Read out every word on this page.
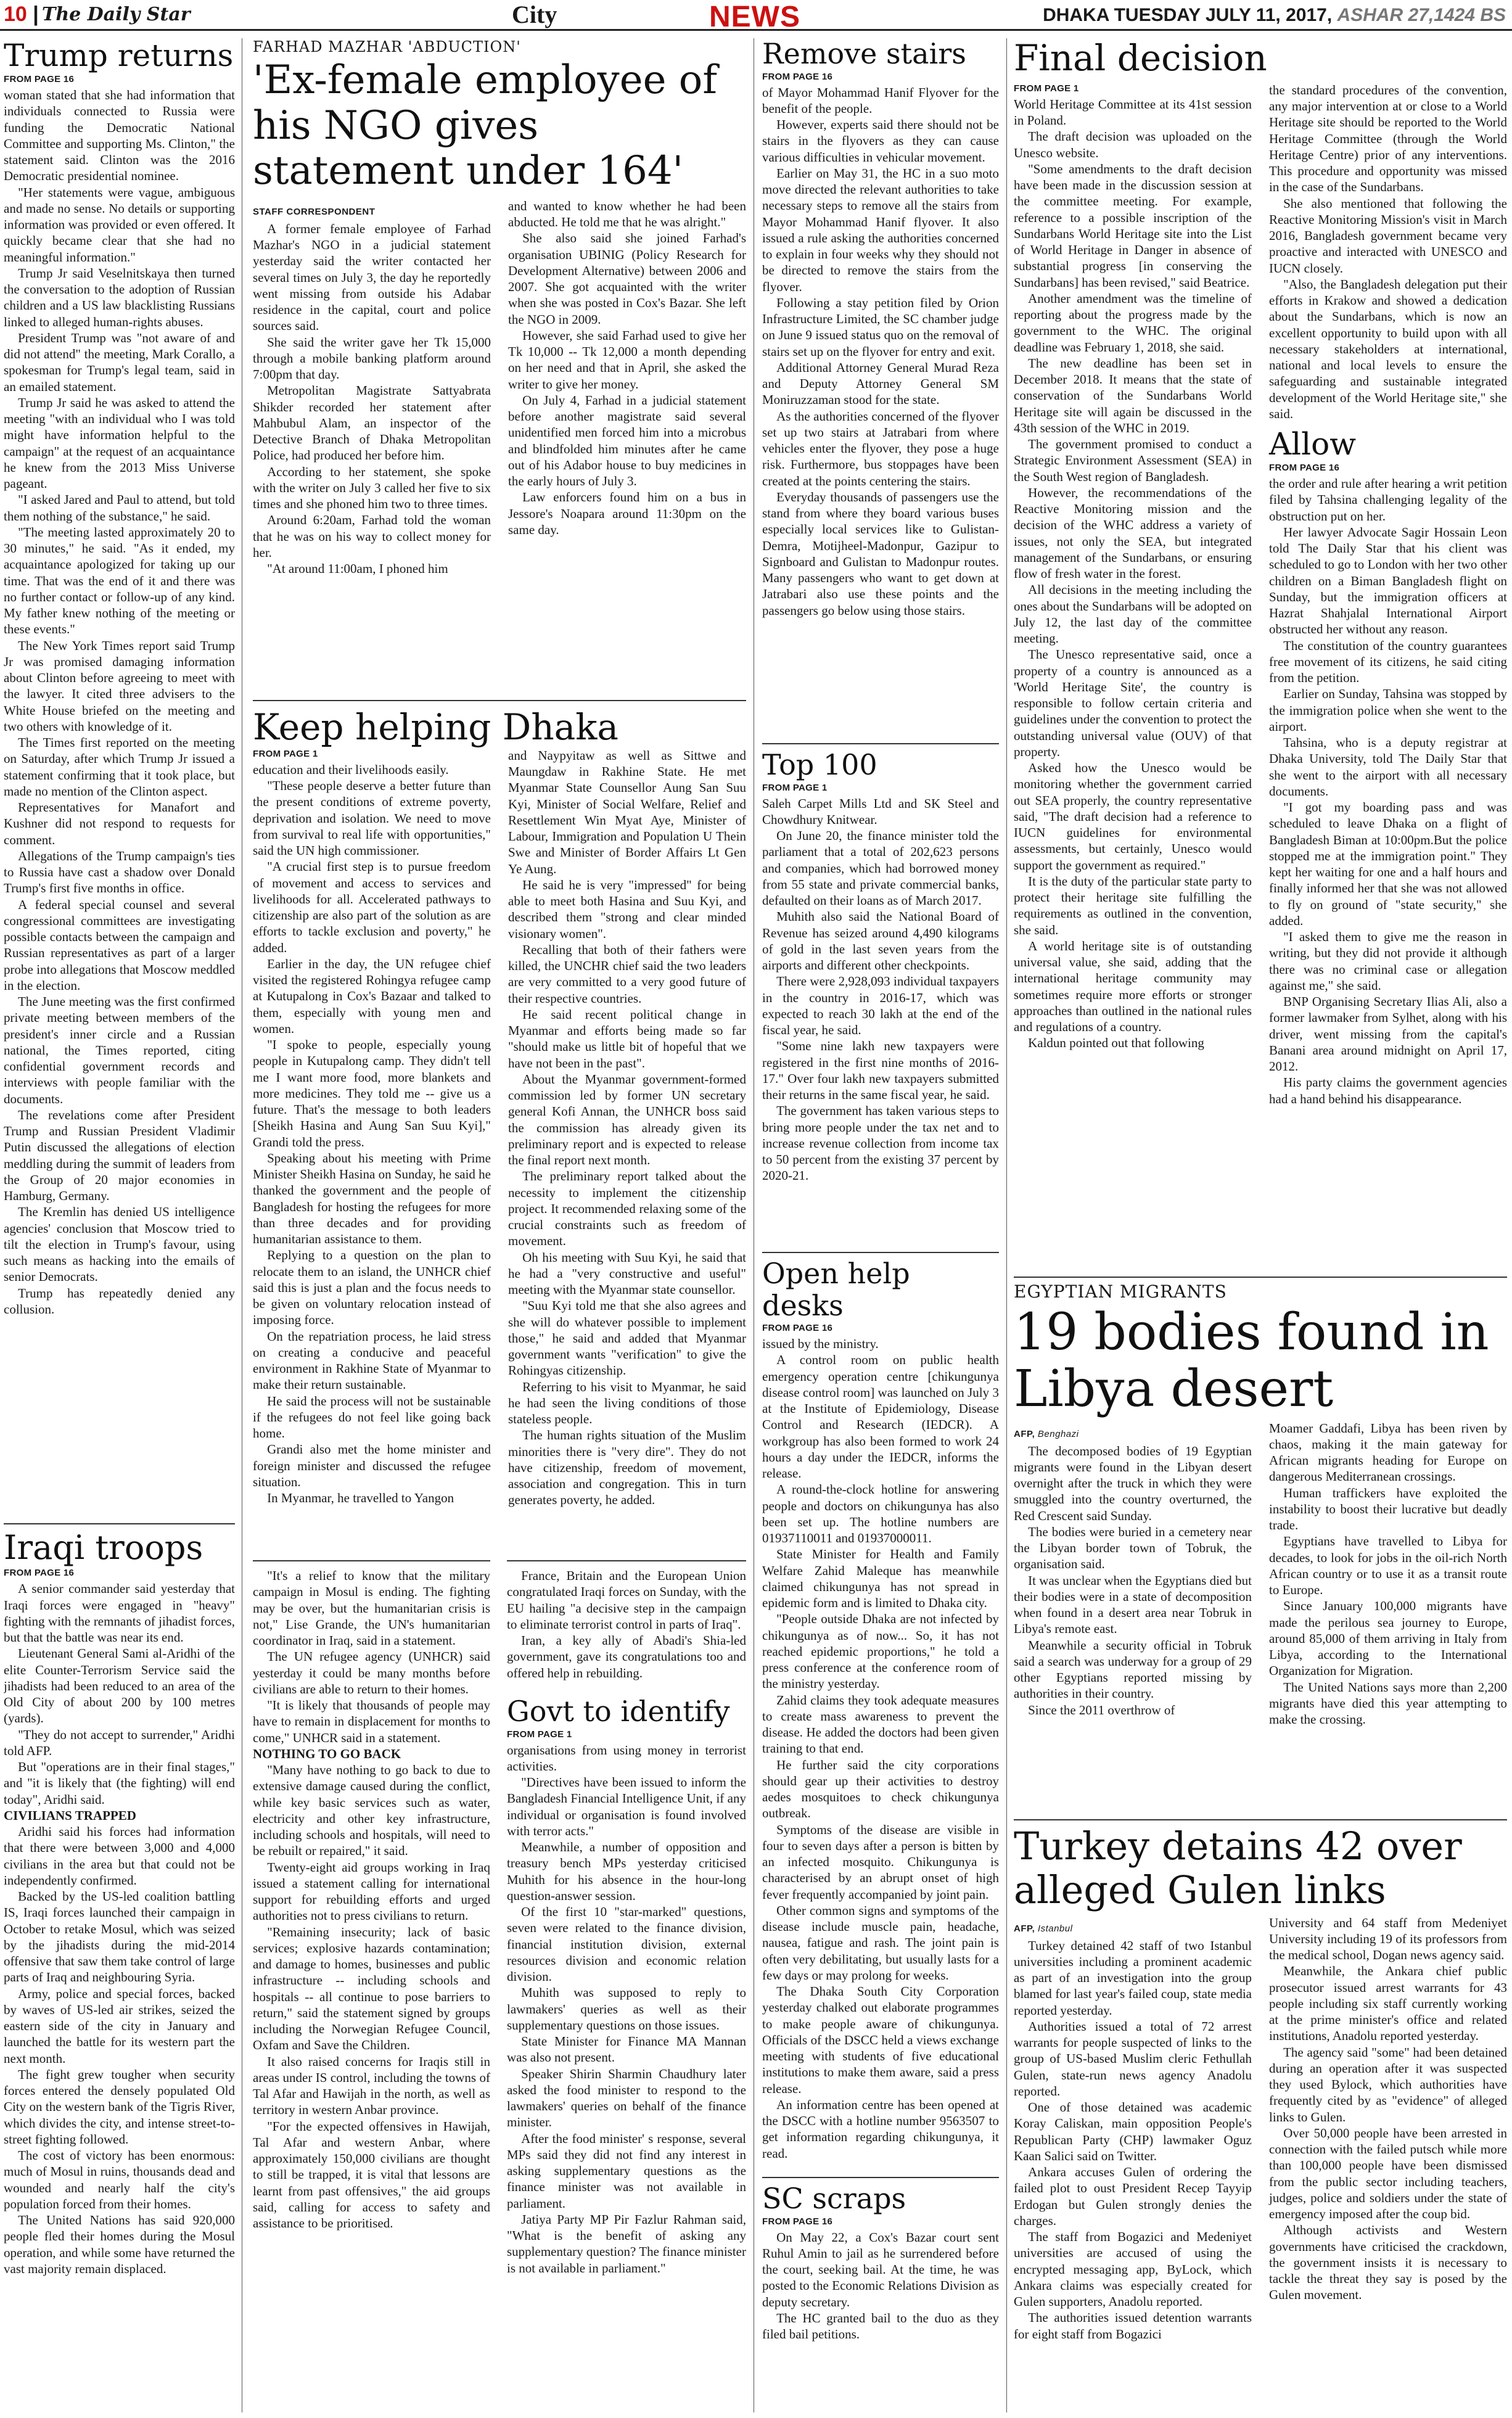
10 | The Daily Star	City	NEWS	DHAKA TUESDAY JULY 11, 2017, ASHAR 27,1424 BS
Trump returns
FROM PAGE 16

woman stated that she had information that individuals connected to Russia were funding the Democratic National Committee and supporting Ms. Clinton," the statement said. Clinton was the 2016 Democratic presidential nominee.

"Her statements were vague, ambiguous and made no sense. No details or supporting information was provided or even offered. It quickly became clear that she had no meaningful information."

Trump Jr said Veselnitskaya then turned the conversation to the adoption of Russian children and a US law blacklisting Russians linked to alleged human-rights abuses.

President Trump was "not aware of and did not attend" the meeting, Mark Corallo, a spokesman for Trump's legal team, said in an emailed statement.

Trump Jr said he was asked to attend the meeting "with an individual who I was told might have information helpful to the campaign" at the request of an acquaintance he knew from the 2013 Miss Universe pageant.

"I asked Jared and Paul to attend, but told them nothing of the substance," he said.

"The meeting lasted approximately 20 to 30 minutes," he said. "As it ended, my acquaintance apologized for taking up our time. That was the end of it and there was no further contact or follow-up of any kind. My father knew nothing of the meeting or these events."

The New York Times report said Trump Jr was promised damaging information about Clinton before agreeing to meet with the lawyer. It cited three advisers to the White House briefed on the meeting and two others with knowledge of it.

The Times first reported on the meeting on Saturday, after which Trump Jr issued a statement confirming that it took place, but made no mention of the Clinton aspect.

Representatives for Manafort and Kushner did not respond to requests for comment.

Allegations of the Trump campaign's ties to Russia have cast a shadow over Donald Trump's first five months in office.

A federal special counsel and several congressional committees are investigating possible contacts between the campaign and Russian representatives as part of a larger probe into allegations that Moscow meddled in the election.

The June meeting was the first confirmed private meeting between members of the president's inner circle and a Russian national, the Times reported, citing confidential government records and interviews with people familiar with the documents.

The revelations come after President Trump and Russian President Vladimir Putin discussed the allegations of election meddling during the summit of leaders from the Group of 20 major economies in Hamburg, Germany.

The Kremlin has denied US intelligence agencies' conclusion that Moscow tried to tilt the election in Trump's favour, using such means as hacking into the emails of senior Democrats.

Trump has repeatedly denied any collusion.

Iraqi troops
FROM PAGE 16

A senior commander said yesterday that Iraqi forces were engaged in "heavy" fighting with the remnants of jihadist forces, but that the battle was near its end.

Lieutenant General Sami al-Aridhi of the elite Counter-Terrorism Service said the jihadists had been reduced to an area of the Old City of about 200 by 100 metres (yards).

"They do not accept to surrender," Aridhi told AFP.

But "operations are in their final stages," and "it is likely that (the fighting) will end today", Aridhi said.

CIVILIANS TRAPPED

Aridhi said his forces had information that there were between 3,000 and 4,000 civilians in the area but that could not be independently confirmed.

Backed by the US-led coalition battling IS, Iraqi forces launched their campaign in October to retake Mosul, which was seized by the jihadists during the mid-2014 offensive that saw them take control of large parts of Iraq and neighbouring Syria.

Army, police and special forces, backed by waves of US-led air strikes, seized the eastern side of the city in January and launched the battle for its western part the next month.

The fight grew tougher when security forces entered the densely populated Old City on the western bank of the Tigris River, which divides the city, and intense street-to-street fighting followed.

The cost of victory has been enormous: much of Mosul in ruins, thousands dead and wounded and nearly half the city's population forced from their homes.

The United Nations has said 920,000 people fled their homes during the Mosul operation, and while some have returned the vast majority remain displaced.

FARHAD MAZHAR 'ABDUCTION'
'Ex-female employee of his NGO gives statement under 164'
STAFF CORRESPONDENT

A former female employee of Farhad Mazhar's NGO in a judicial statement yesterday said the writer contacted her several times on July 3, the day he reportedly went missing from outside his Adabar residence in the capital, court and police sources said.

She said the writer gave her Tk 15,000 through a mobile banking platform around 7:00pm that day.

Metropolitan Magistrate Sattyabrata Shikder recorded her statement after Mahbubul Alam, an inspector of the Detective Branch of Dhaka Metropolitan Police, had produced her before him.

According to her statement, she spoke with the writer on July 3 called her five to six times and she phoned him two to three times.

Around 6:20am, Farhad told the woman that he was on his way to collect money for her.

"At around 11:00am, I phoned him

and wanted to know whether he had been abducted. He told me that he was alright."

She also said she joined Farhad's organisation UBINIG (Policy Research for Development Alternative) between 2006 and 2007. She got acquainted with the writer when she was posted in Cox's Bazar. She left the NGO in 2009.

However, she said Farhad used to give her Tk 10,000 -- Tk 12,000 a month depending on her need and that in April, she asked the writer to give her money.

On July 4, Farhad in a judicial statement before another magistrate said several unidentified men forced him into a microbus and blindfolded him minutes after he came out of his Adabor house to buy medicines in the early hours of July 3.

Law enforcers found him on a bus in Jessore's Noapara around 11:30pm on the same day.

Keep helping Dhaka
FROM PAGE 1

education and their livelihoods easily.

"These people deserve a better future than the present conditions of extreme poverty, deprivation and isolation. We need to move from survival to real life with opportunities," said the UN high commissioner.

"A crucial first step is to pursue freedom of movement and access to services and livelihoods for all. Accelerated pathways to citizenship are also part of the solution as are efforts to tackle exclusion and poverty," he added.

Earlier in the day, the UN refugee chief visited the registered Rohingya refugee camp at Kutupalong in Cox's Bazaar and talked to them, especially with young men and women.

"I spoke to people, especially young people in Kutupalong camp. They didn't tell me I want more food, more blankets and more medicines. They told me -- give us a future. That's the message to both leaders [Sheikh Hasina and Aung San Suu Kyi]," Grandi told the press.

Speaking about his meeting with Prime Minister Sheikh Hasina on Sunday, he said he thanked the government and the people of Bangladesh for hosting the refugees for more than three decades and for providing humanitarian assistance to them.

Replying to a question on the plan to relocate them to an island, the UNHCR chief said this is just a plan and the focus needs to be given on voluntary relocation instead of imposing force.

On the repatriation process, he laid stress on creating a conducive and peaceful environment in Rakhine State of Myanmar to make their return sustainable.

He said the process will not be sustainable if the refugees do not feel like going back home.

Grandi also met the home minister and foreign minister and discussed the refugee situation.

In Myanmar, he travelled to Yangon

and Naypyitaw as well as Sittwe and Maungdaw in Rakhine State. He met Myanmar State Counsellor Aung San Suu Kyi, Minister of Social Welfare, Relief and Resettlement Win Myat Aye, Minister of Labour, Immigration and Population U Thein Swe and Minister of Border Affairs Lt Gen Ye Aung.

He said he is very "impressed" for being able to meet both Hasina and Suu Kyi, and described them "strong and clear minded visionary women".

Recalling that both of their fathers were killed, the UNCHR chief said the two leaders are very committed to a very good future of their respective countries.

He said recent political change in Myanmar and efforts being made so far "should make us little bit of hopeful that we have not been in the past".

About the Myanmar government-formed commission led by former UN secretary general Kofi Annan, the UNHCR boss said the commission has already given its preliminary report and is expected to release the final report next month.

The preliminary report talked about the necessity to implement the citizenship project. It recommended relaxing some of the crucial constraints such as freedom of movement.

Oh his meeting with Suu Kyi, he said that he had a "very constructive and useful" meeting with the Myanmar state counsellor.

"Suu Kyi told me that she also agrees and she will do whatever possible to implement those," he said and added that Myanmar government wants "verification" to give the Rohingyas citizenship.

Referring to his visit to Myanmar, he said he had seen the living conditions of those stateless people.

The human rights situation of the Muslim minorities there is "very dire". They do not have citizenship, freedom of movement, association and congregation. This in turn generates poverty, he added.

"It's a relief to know that the military campaign in Mosul is ending. The fighting may be over, but the humanitarian crisis is not," Lise Grande, the UN's humanitarian coordinator in Iraq, said in a statement.

The UN refugee agency (UNHCR) said yesterday it could be many months before civilians are able to return to their homes.

"It is likely that thousands of people may have to remain in displacement for months to come," UNHCR said in a statement.

NOTHING TO GO BACK

"Many have nothing to go back to due to extensive damage caused during the conflict, while key basic services such as water, electricity and other key infrastructure, including schools and hospitals, will need to be rebuilt or repaired," it said.

Twenty-eight aid groups working in Iraq issued a statement calling for international support for rebuilding efforts and urged authorities not to press civilians to return.

"Remaining insecurity; lack of basic services; explosive hazards contamination; and damage to homes, businesses and public infrastructure -- including schools and hospitals -- all continue to pose barriers to return," said the statement signed by groups including the Norwegian Refugee Council, Oxfam and Save the Children.

It also raised concerns for Iraqis still in areas under IS control, including the towns of Tal Afar and Hawijah in the north, as well as territory in western Anbar province.

"For the expected offensives in Hawijah, Tal Afar and western Anbar, where approximately 150,000 civilians are thought to still be trapped, it is vital that lessons are learnt from past offensives," the aid groups said, calling for access to safety and assistance to be prioritised.

France, Britain and the European Union congratulated Iraqi forces on Sunday, with the EU hailing "a decisive step in the campaign to eliminate terrorist control in parts of Iraq".

Iran, a key ally of Abadi's Shia-led government, gave its congratulations too and offered help in rebuilding.

Govt to identify
FROM PAGE 1

organisations from using money in terrorist activities.

"Directives have been issued to inform the Bangladesh Financial Intelligence Unit, if any individual or organisation is found involved with terror acts."

Meanwhile, a number of opposition and treasury bench MPs yesterday criticised Muhith for his absence in the hour-long question-answer session.

Of the first 10 "star-marked" questions, seven were related to the finance division, financial institution division, external resources division and economic relation division.

Muhith was supposed to reply to lawmakers' queries as well as their supplementary questions on those issues.

State Minister for Finance MA Mannan was also not present.

Speaker Shirin Sharmin Chaudhury later asked the food minister to respond to the lawmakers' queries on behalf of the finance minister.

After the food minister' s response, several MPs said they did not find any interest in asking supplementary questions as the finance minister was not available in parliament.

Jatiya Party MP Pir Fazlur Rahman said, "What is the benefit of asking any supplementary question? The finance minister is not available in parliament."

Remove stairs
FROM PAGE 16

of Mayor Mohammad Hanif Flyover for the benefit of the people.

However, experts said there should not be stairs in the flyovers as they can cause various difficulties in vehicular movement.

Earlier on May 31, the HC in a suo moto move directed the relevant authorities to take necessary steps to remove all the stairs from Mayor Mohammad Hanif flyover. It also issued a rule asking the authorities concerned to explain in four weeks why they should not be directed to remove the stairs from the flyover.

Following a stay petition filed by Orion Infrastructure Limited, the SC chamber judge on June 9 issued status quo on the removal of stairs set up on the flyover for entry and exit.

Additional Attorney General Murad Reza and Deputy Attorney General SM Moniruzzaman stood for the state.

As the authorities concerned of the flyover set up two stairs at Jatrabari from where vehicles enter the flyover, they pose a huge risk. Furthermore, bus stoppages have been created at the points centering the stairs.

Everyday thousands of passengers use the stand from where they board various buses especially local services like to Gulistan-Demra, Motijheel-Madonpur, Gazipur to Signboard and Gulistan to Madonpur routes. Many passengers who want to get down at Jatrabari also use these points and the passengers go below using those stairs.

Top 100
FROM PAGE 1

Saleh Carpet Mills Ltd and SK Steel and Chowdhury Knitwear.

On June 20, the finance minister told the parliament that a total of 202,623 persons and companies, which had borrowed money from 55 state and private commercial banks, defaulted on their loans as of March 2017.

Muhith also said the National Board of Revenue has seized around 4,490 kilograms of gold in the last seven years from the airports and different other checkpoints.

There were 2,928,093 individual taxpayers in the country in 2016-17, which was expected to reach 30 lakh at the end of the fiscal year, he said.

"Some nine lakh new taxpayers were registered in the first nine months of 2016-17." Over four lakh new taxpayers submitted their returns in the same fiscal year, he said.

The government has taken various steps to bring more people under the tax net and to increase revenue collection from income tax to 50 percent from the existing 37 percent by 2020-21.

Open help desks
FROM PAGE 16

issued by the ministry.

A control room on public health emergency operation centre [chikungunya disease control room] was launched on July 3 at the Institute of Epidemiology, Disease Control and Research (IEDCR). A workgroup has also been formed to work 24 hours a day under the IEDCR, informs the release.

A round-the-clock hotline for answering people and doctors on chikungunya has also been set up. The hotline numbers are 01937110011 and 01937000011.

State Minister for Health and Family Welfare Zahid Maleque has meanwhile claimed chikungunya has not spread in epidemic form and is limited to Dhaka city.

"People outside Dhaka are not infected by chikungunya as of now... So, it has not reached epidemic proportions," he told a press conference at the conference room of the ministry yesterday.

Zahid claims they took adequate measures to create mass awareness to prevent the disease. He added the doctors had been given training to that end.

He further said the city corporations should gear up their activities to destroy aedes mosquitoes to check chikungunya outbreak.

Symptoms of the disease are visible in four to seven days after a person is bitten by an infected mosquito. Chikungunya is characterised by an abrupt onset of high fever frequently accompanied by joint pain.

Other common signs and symptoms of the disease include muscle pain, headache, nausea, fatigue and rash. The joint pain is often very debilitating, but usually lasts for a few days or may prolong for weeks.

The Dhaka South City Corporation yesterday chalked out elaborate programmes to make people aware of chikungunya. Officials of the DSCC held a views exchange meeting with students of five educational institutions to make them aware, said a press release.

An information centre has been opened at the DSCC with a hotline number 9563507 to get information regarding chikungunya, it read.

SC scraps
FROM PAGE 16

On May 22, a Cox's Bazar court sent Ruhul Amin to jail as he surrendered before the court, seeking bail. At the time, he was posted to the Economic Relations Division as deputy secretary.

The HC granted bail to the duo as they filed bail petitions.

Final decision
FROM PAGE 1

World Heritage Committee at its 41st session in Poland.

The draft decision was uploaded on the Unesco website.

"Some amendments to the draft decision have been made in the discussion session at the committee meeting. For example, reference to a possible inscription of the Sundarbans World Heritage site into the List of World Heritage in Danger in absence of substantial progress [in conserving the Sundarbans] has been revised," said Beatrice.

Another amendment was the timeline of reporting about the progress made by the government to the WHC. The original deadline was February 1, 2018, she said.

The new deadline has been set in December 2018. It means that the state of conservation of the Sundarbans World Heritage site will again be discussed in the 43th session of the WHC in 2019.

The government promised to conduct a Strategic Environment Assessment (SEA) in the South West region of Bangladesh.

However, the recommendations of the Reactive Monitoring mission and the decision of the WHC address a variety of issues, not only the SEA, but integrated management of the Sundarbans, or ensuring flow of fresh water in the forest.

All decisions in the meeting including the ones about the Sundarbans will be adopted on July 12, the last day of the committee meeting.

The Unesco representative said, once a property of a country is announced as a 'World Heritage Site', the country is responsible to follow certain criteria and guidelines under the convention to protect the outstanding universal value (OUV) of that property.

Asked how the Unesco would be monitoring whether the government carried out SEA properly, the country representative said, "The draft decision had a reference to IUCN guidelines for environmental assessments, but certainly, Unesco would support the government as required."

It is the duty of the particular state party to protect their heritage site fulfilling the requirements as outlined in the convention, she said.

A world heritage site is of outstanding universal value, she said, adding that the international heritage community may sometimes require more efforts or stronger approaches than outlined in the national rules and regulations of a country.

Kaldun pointed out that following

the standard procedures of the convention, any major intervention at or close to a World Heritage site should be reported to the World Heritage Committee (through the World Heritage Centre) prior of any interventions. This procedure and opportunity was missed in the case of the Sundarbans.

She also mentioned that following the Reactive Monitoring Mission's visit in March 2016, Bangladesh government became very proactive and interacted with UNESCO and IUCN closely.

"Also, the Bangladesh delegation put their efforts in Krakow and showed a dedication about the Sundarbans, which is now an excellent opportunity to build upon with all necessary stakeholders at international, national and local levels to ensure the safeguarding and sustainable integrated development of the World Heritage site," she said.

Allow
FROM PAGE 16

the order and rule after hearing a writ petition filed by Tahsina challenging legality of the obstruction put on her.

Her lawyer Advocate Sagir Hossain Leon told The Daily Star that his client was scheduled to go to London with her two other children on a Biman Bangladesh flight on Sunday, but the immigration officers at Hazrat Shahjalal International Airport obstructed her without any reason.

The constitution of the country guarantees free movement of its citizens, he said citing from the petition.

Earlier on Sunday, Tahsina was stopped by the immigration police when she went to the airport.

Tahsina, who is a deputy registrar at Dhaka University, told The Daily Star that she went to the airport with all necessary documents.

"I got my boarding pass and was scheduled to leave Dhaka on a flight of Bangladesh Biman at 10:00pm.But the police stopped me at the immigration point." They kept her waiting for one and a half hours and finally informed her that she was not allowed to fly on ground of "state security," she added.

"I asked them to give me the reason in writing, but they did not provide it although there was no criminal case or allegation against me," she said.

BNP Organising Secretary Ilias Ali, also a former lawmaker from Sylhet, along with his driver, went missing from the capital's Banani area around midnight on April 17, 2012.

His party claims the government agencies had a hand behind his disappearance.

EGYPTIAN MIGRANTS
19 bodies found in Libya desert
AFP, Benghazi

The decomposed bodies of 19 Egyptian migrants were found in the Libyan desert overnight after the truck in which they were smuggled into the country overturned, the Red Crescent said Sunday.

The bodies were buried in a cemetery near the Libyan border town of Tobruk, the organisation said.

It was unclear when the Egyptians died but their bodies were in a state of decomposition when found in a desert area near Tobruk in Libya's remote east.

Meanwhile a security official in Tobruk said a search was underway for a group of 29 other Egyptians reported missing by authorities in their country.

Since the 2011 overthrow of

Moamer Gaddafi, Libya has been riven by chaos, making it the main gateway for African migrants heading for Europe on dangerous Mediterranean crossings.

Human traffickers have exploited the instability to boost their lucrative but deadly trade.

Egyptians have travelled to Libya for decades, to look for jobs in the oil-rich North African country or to use it as a transit route to Europe.

Since January 100,000 migrants have made the perilous sea journey to Europe, around 85,000 of them arriving in Italy from Libya, according to the International Organization for Migration.

The United Nations says more than 2,200 migrants have died this year attempting to make the crossing.

Turkey detains 42 over alleged Gulen links
AFP, Istanbul

Turkey detained 42 staff of two Istanbul universities including a prominent academic as part of an investigation into the group blamed for last year's failed coup, state media reported yesterday.

Authorities issued a total of 72 arrest warrants for people suspected of links to the group of US-based Muslim cleric Fethullah Gulen, state-run news agency Anadolu reported.

One of those detained was academic Koray Caliskan, main opposition People's Republican Party (CHP) lawmaker Oguz Kaan Salici said on Twitter.

Ankara accuses Gulen of ordering the failed plot to oust President Recep Tayyip Erdogan but Gulen strongly denies the charges.

The staff from Bogazici and Medeniyet universities are accused of using the encrypted messaging app, ByLock, which Ankara claims was especially created for Gulen supporters, Anadolu reported.

The authorities issued detention warrants for eight staff from Bogazici

University and 64 staff from Medeniyet University including 19 of its professors from the medical school, Dogan news agency said.

Meanwhile, the Ankara chief public prosecutor issued arrest warrants for 43 people including six staff currently working at the prime minister's office and related institutions, Anadolu reported yesterday.

The agency said "some" had been detained during an operation after it was suspected they used Bylock, which authorities have frequently cited by as "evidence" of alleged links to Gulen.

Over 50,000 people have been arrested in connection with the failed putsch while more than 100,000 people have been dismissed from the public sector including teachers, judges, police and soldiers under the state of emergency imposed after the coup bid.

Although activists and Western governments have criticised the crackdown, the government insists it is necessary to tackle the threat they say is posed by the Gulen movement.
